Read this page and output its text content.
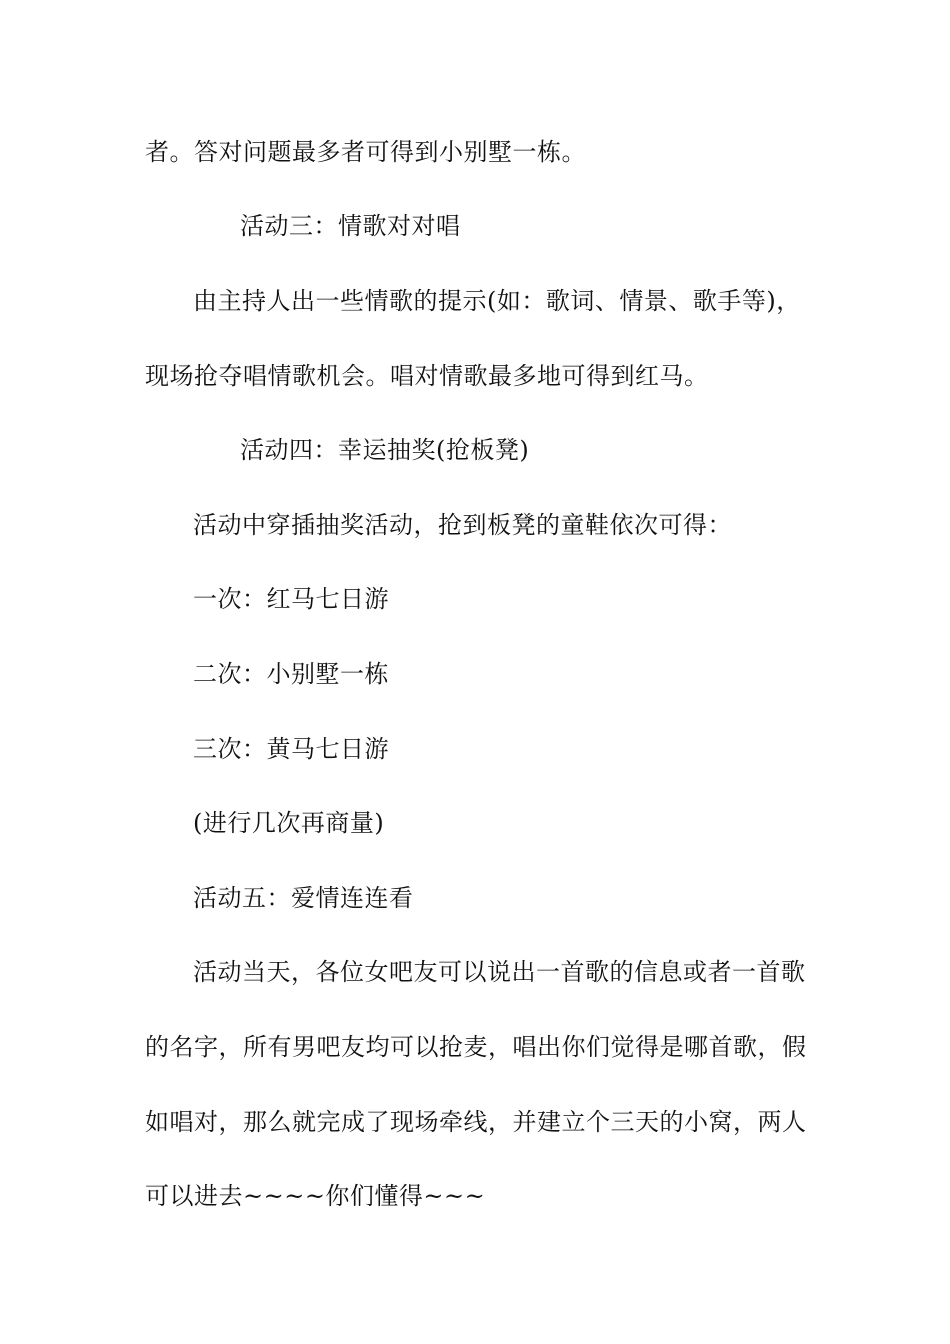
者。答对问题最多者可得到小别墅一栋。
活动三：情歌对对唱
由主持人出一些情歌的提示(如：歌词、情景、歌手等)，
现场抢夺唱情歌机会。唱对情歌最多地可得到红马。
活动四：幸运抽奖(抢板凳)
活动中穿插抽奖活动，抢到板凳的童鞋依次可得：
一次：红马七日游
二次：小别墅一栋
三次：黄马七日游
(进行几次再商量)
活动五：爱情连连看
活动当天，各位女吧友可以说出一首歌的信息或者一首歌
的名字，所有男吧友均可以抢麦，唱出你们觉得是哪首歌，假
如唱对，那么就完成了现场牵线，并建立个三天的小窝，两人
可以进去~~~~你们懂得~~~
